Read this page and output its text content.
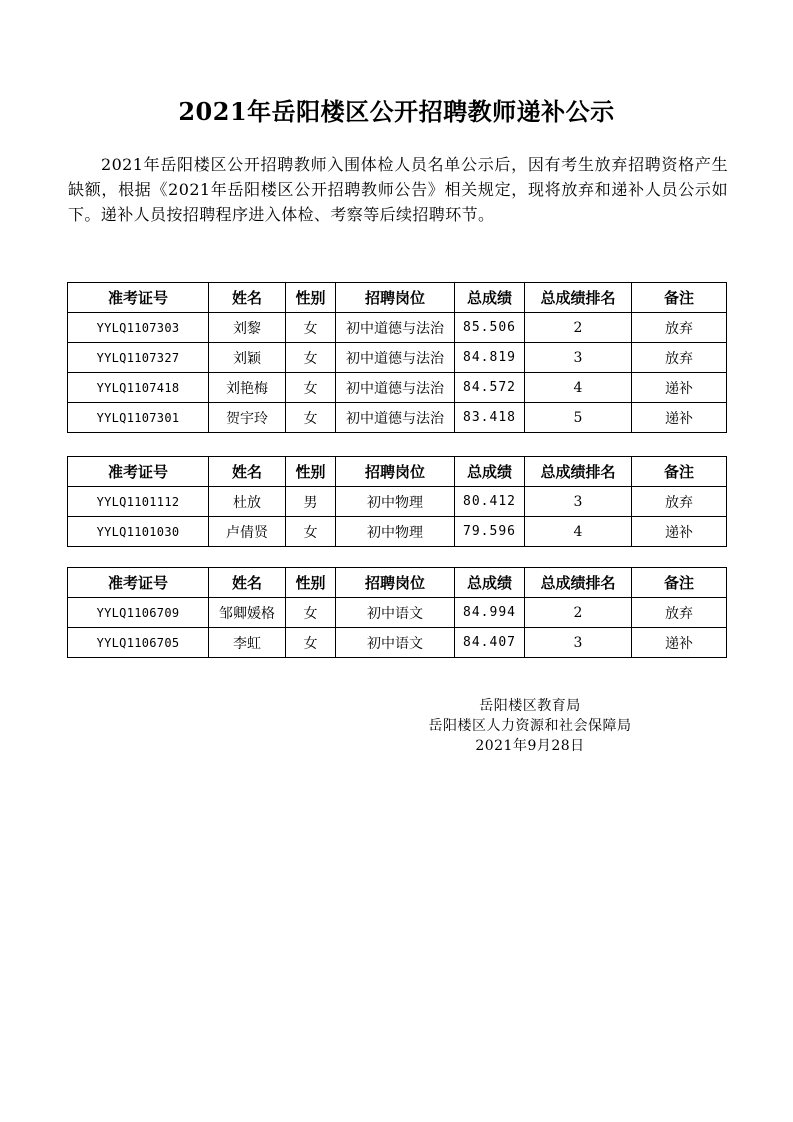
2021年岳阳楼区公开招聘教师递补公示

2021年岳阳楼区公开招聘教师入围体检人员名单公示后，因有考生放弃招聘资格产生缺额，根据《2021年岳阳楼区公开招聘教师公告》相关规定，现将放弃和递补人员公示如下。递补人员按招聘程序进入体检、考察等后续招聘环节。

准考证号	姓名	性别	招聘岗位	总成绩	总成绩排名	备注
YYLQ1107303	刘黎	女	初中道德与法治	85.506	2	放弃
YYLQ1107327	刘颖	女	初中道德与法治	84.819	3	放弃
YYLQ1107418	刘艳梅	女	初中道德与法治	84.572	4	递补
YYLQ1107301	贺宇玲	女	初中道德与法治	83.418	5	递补
准考证号	姓名	性别	招聘岗位	总成绩	总成绩排名	备注
YYLQ1101112	杜放	男	初中物理	80.412	3	放弃
YYLQ1101030	卢倩贤	女	初中物理	79.596	4	递补
准考证号	姓名	性别	招聘岗位	总成绩	总成绩排名	备注
YYLQ1106709	邹卿媛格	女	初中语文	84.994	2	放弃
YYLQ1106705	李虹	女	初中语文	84.407	3	递补
岳阳楼区教育局
岳阳楼区人力资源和社会保障局
2021年9月28日
